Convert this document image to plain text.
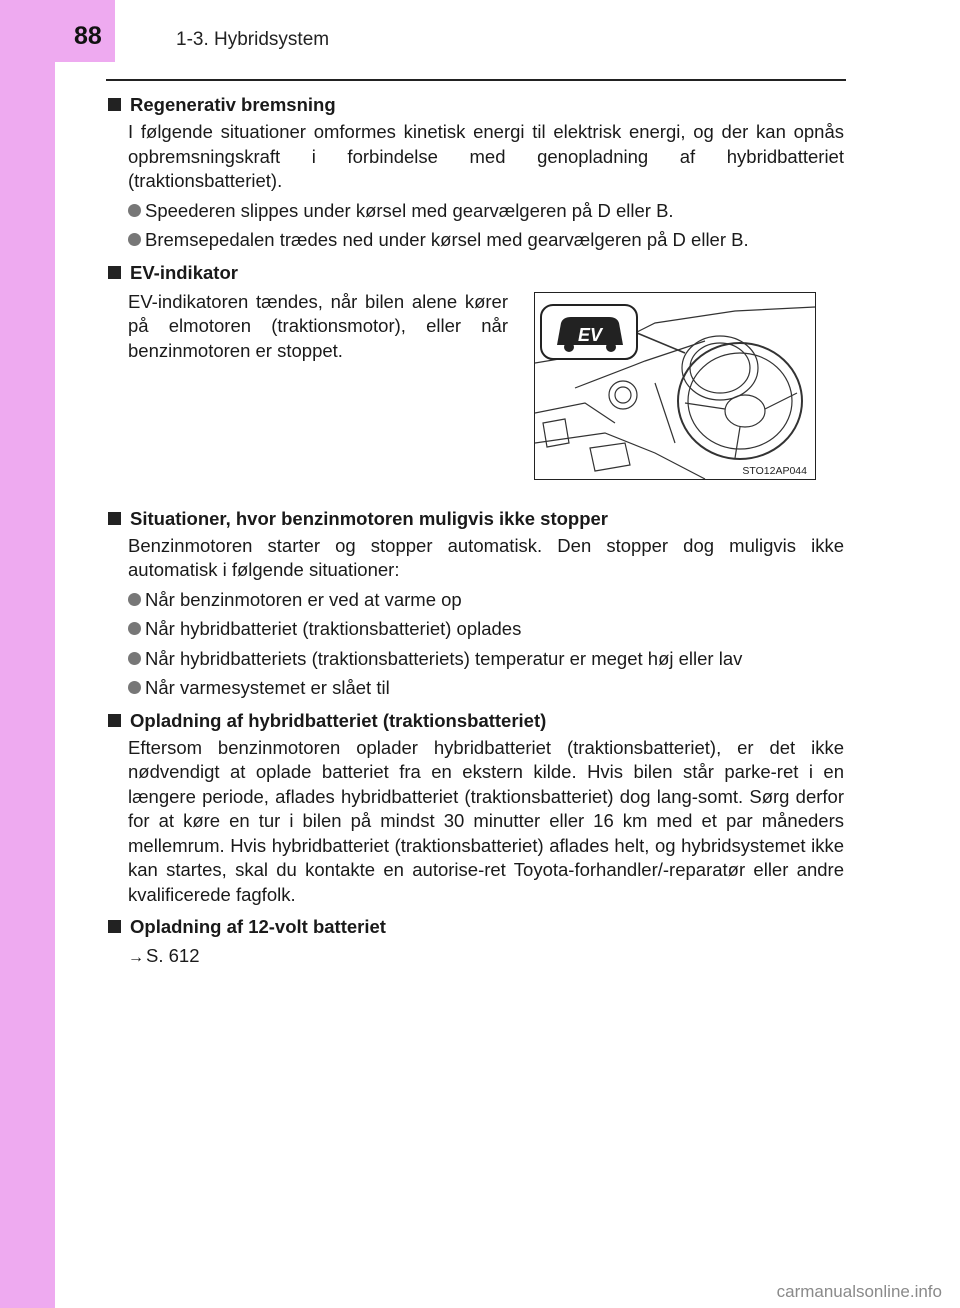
88	1-3. Hybridsystem
Regenerativ bremsning
I følgende situationer omformes kinetisk energi til elektrisk energi, og der kan opnås opbremsningskraft i forbindelse med genopladning af hybridbatteriet (traktionsbatteriet).
Speederen slippes under kørsel med gearvælgeren på D eller B.
Bremsepedalen trædes ned under kørsel med gearvælgeren på D eller B.
EV-indikator
EV-indikatoren tændes, når bilen alene kører på elmotoren (traktionsmotor), eller når benzinmotoren er stoppet.
EV
STO12AP044
Situationer, hvor benzinmotoren muligvis ikke stopper
Benzinmotoren starter og stopper automatisk. Den stopper dog muligvis ikke automatisk i følgende situationer:
Når benzinmotoren er ved at varme op
Når hybridbatteriet (traktionsbatteriet) oplades
Når hybridbatteriets (traktionsbatteriets) temperatur er meget høj eller lav
Når varmesystemet er slået til
Opladning af hybridbatteriet (traktionsbatteriet)
Eftersom benzinmotoren oplader hybridbatteriet (traktionsbatteriet), er det ikke nødvendigt at oplade batteriet fra en ekstern kilde. Hvis bilen står parke-ret i en længere periode, aflades hybridbatteriet (traktionsbatteriet) dog lang-somt. Sørg derfor for at køre en tur i bilen på mindst 30 minutter eller 16 km med et par måneders mellemrum. Hvis hybridbatteriet (traktionsbatteriet) aflades helt, og hybridsystemet ikke kan startes, skal du kontakte en autorise-ret Toyota-forhandler/-reparatør eller andre kvalificerede fagfolk.
Opladning af 12-volt batteriet
→ S. 612
carmanualsonline.info
